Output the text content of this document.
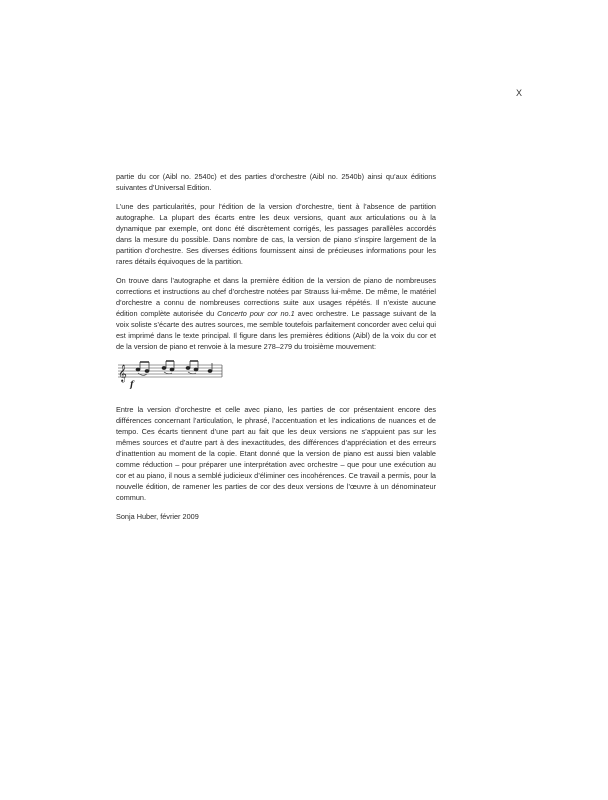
X

partie du cor (Aibl no. 2540c) et des parties d’orchestre (Aibl no. 2540b) ainsi qu’aux éditions suivantes d’Universal Edition.

L’une des particularités, pour l’édition de la version d’orchestre, tient à l’absence de partition autographe. La plupart des écarts entre les deux versions, quant aux articulations ou à la dynamique par exemple, ont donc été discrètement corrigés, les passages parallèles accordés dans la mesure du possible. Dans nombre de cas, la version de piano s’inspire largement de la partition d’orchestre. Ses diverses éditions fournissent ainsi de précieuses informations pour les rares détails équivoques de la partition.

On trouve dans l’autographe et dans la première édition de la version de piano de nombreuses corrections et instructions au chef d’orchestre notées par Strauss lui-même. De même, le matériel d’orchestre a connu de nombreuses corrections suite aux usages répétés. Il n’existe aucune édition complète autorisée du Concerto pour cor no.1 avec orchestre. Le passage suivant de la voix soliste s’écarte des autres sources, me semble toutefois parfaitement concorder avec celui qui est imprimé dans le texte principal. Il figure dans les premières éditions (Aibl) de la voix du cor et de la version de piano et renvoie à la mesure 278–279 du troisième mouvement:

𝄞
f

Entre la version d’orchestre et celle avec piano, les parties de cor présentaient encore des différences concernant l’articulation, le phrasé, l’accentuation et les indications de nuances et de tempo. Ces écarts tiennent d’une part au fait que les deux versions ne s’appuient pas sur les mêmes sources et d’autre part à des inexactitudes, des différences d’appréciation et des erreurs d’inattention au moment de la copie. Etant donné que la version de piano est aussi bien valable comme réduction – pour préparer une interprétation avec orchestre – que pour une exécution au cor et au piano, il nous a semblé judicieux d’éliminer ces incohérences. Ce travail a permis, pour la nouvelle édition, de ramener les parties de cor des deux versions de l’œuvre à un dénominateur commun.

Sonja Huber, février 2009
